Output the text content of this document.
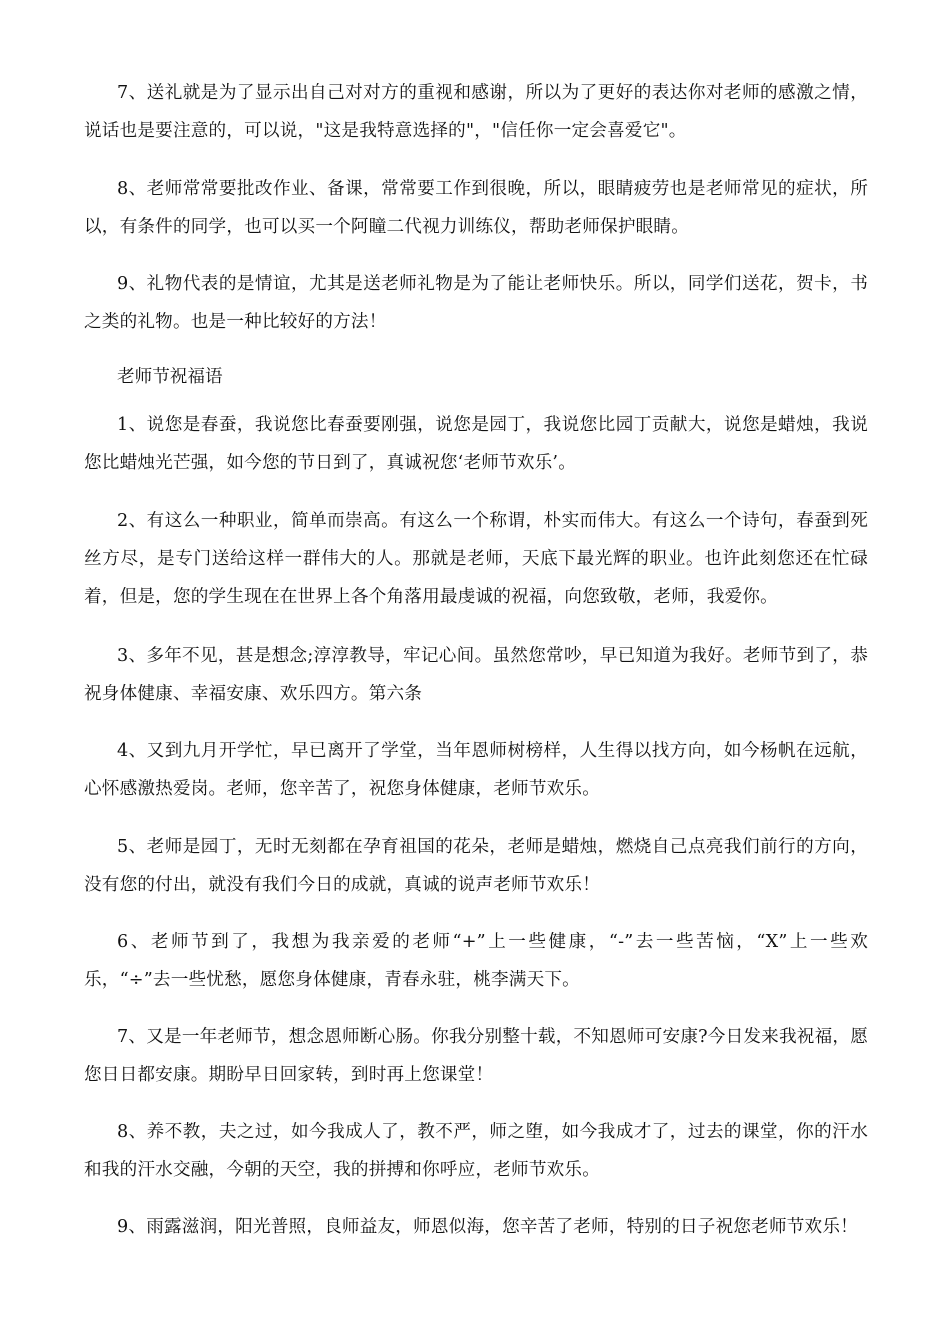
7、送礼就是为了显示出自己对对方的重视和感谢，所以为了更好的表达你对老师的感激之情，说话也是要注意的，可以说，"这是我特意选择的"，"信任你一定会喜爱它"。

8、老师常常要批改作业、备课，常常要工作到很晚，所以，眼睛疲劳也是老师常见的症状，所以，有条件的同学，也可以买一个阿瞳二代视力训练仪，帮助老师保护眼睛。

9、礼物代表的是情谊，尤其是送老师礼物是为了能让老师快乐。所以，同学们送花，贺卡，书之类的礼物。也是一种比较好的方法！

老师节祝福语

1、说您是春蚕，我说您比春蚕要刚强，说您是园丁，我说您比园丁贡献大，说您是蜡烛，我说您比蜡烛光芒强，如今您的节日到了，真诚祝您‘老师节欢乐’。

2、有这么一种职业，简单而崇高。有这么一个称谓，朴实而伟大。有这么一个诗句，春蚕到死丝方尽，是专门送给这样一群伟大的人。那就是老师，天底下最光辉的职业。也许此刻您还在忙碌着，但是，您的学生现在在世界上各个角落用最虔诚的祝福，向您致敬，老师，我爱你。

3、多年不见，甚是想念;淳淳教导，牢记心间。虽然您常吵，早已知道为我好。老师节到了，恭祝身体健康、幸福安康、欢乐四方。第六条

4、又到九月开学忙，早已离开了学堂，当年恩师树榜样，人生得以找方向，如今杨帆在远航，心怀感激热爱岗。老师，您辛苦了，祝您身体健康，老师节欢乐。

5、老师是园丁，无时无刻都在孕育祖国的花朵，老师是蜡烛，燃烧自己点亮我们前行的方向，没有您的付出，就没有我们今日的成就，真诚的说声老师节欢乐！

6、老师节到了，我想为我亲爱的老师“+”上一些健康，“-”去一些苦恼，“X”上一些欢乐，“÷”去一些忧愁，愿您身体健康，青春永驻，桃李满天下。

7、又是一年老师节，想念恩师断心肠。你我分别整十载，不知恩师可安康?今日发来我祝福，愿您日日都安康。期盼早日回家转，到时再上您课堂！

8、养不教，夫之过，如今我成人了，教不严，师之堕，如今我成才了，过去的课堂，你的汗水和我的汗水交融，今朝的天空，我的拼搏和你呼应，老师节欢乐。

9、雨露滋润，阳光普照，良师益友，师恩似海，您辛苦了老师，特别的日子祝您老师节欢乐！
